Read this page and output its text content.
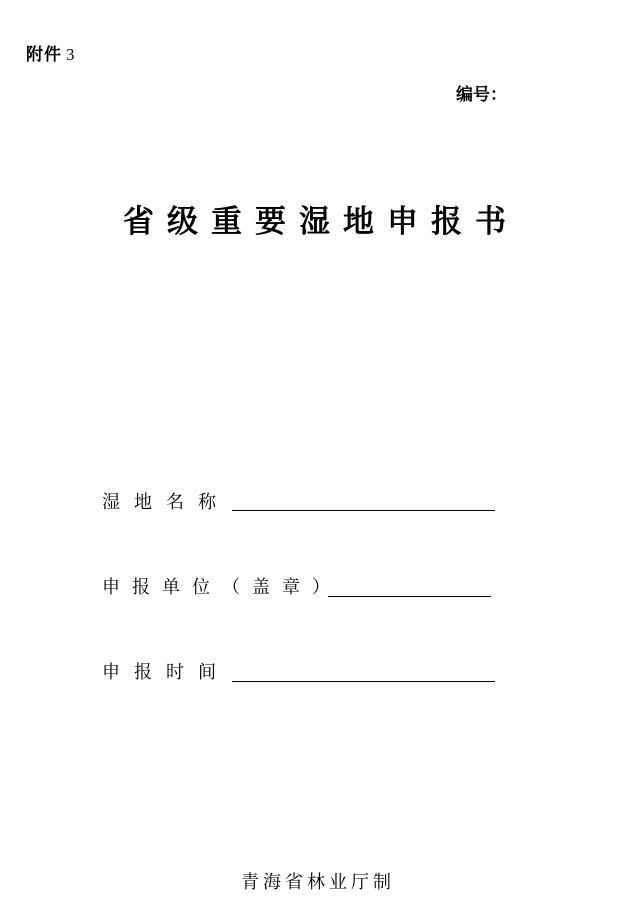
附件 3
编号：
省级重要湿地申报书
湿地名称
申报单位（盖章）
申报时间
青海省林业厅制
